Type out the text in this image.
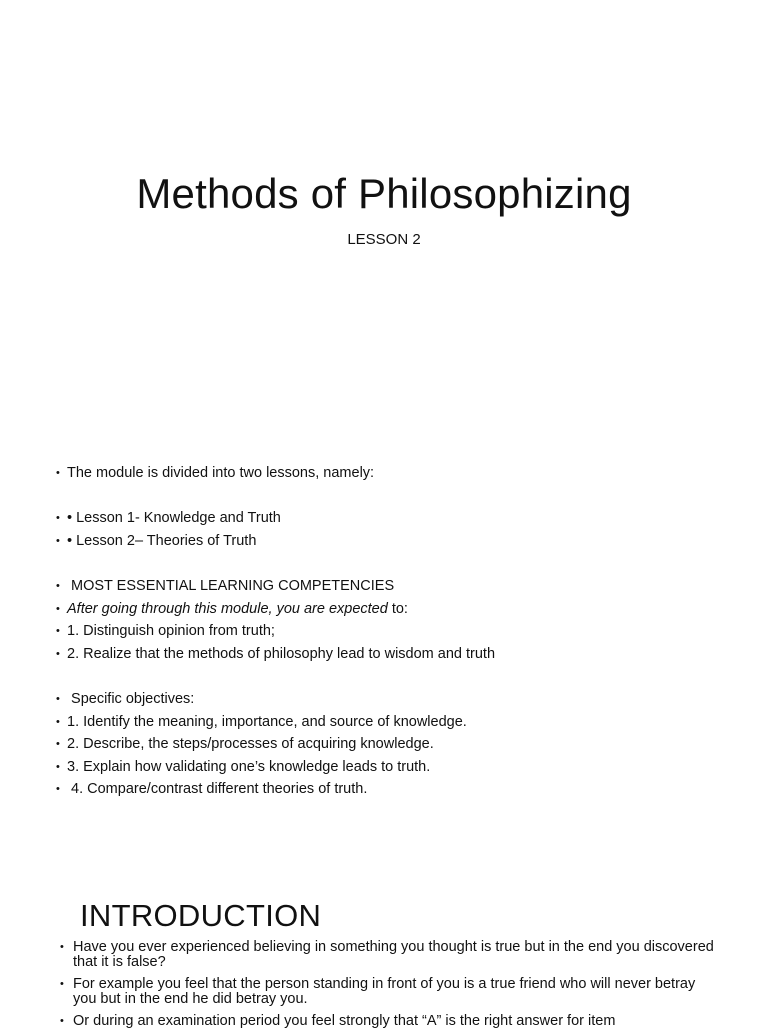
Methods of Philosophizing
LESSON 2
• The module is divided into two lessons, namely:
• • Lesson 1- Knowledge and Truth
• • Lesson 2– Theories of Truth
•  MOST ESSENTIAL LEARNING COMPETENCIES
• After going through this module, you are expected to:
• 1. Distinguish opinion from truth;
• 2. Realize that the methods of philosophy lead to wisdom and truth
•  Specific objectives:
• 1. Identify the meaning, importance, and source of knowledge.
• 2. Describe, the steps/processes of acquiring knowledge.
• 3. Explain how validating one’s knowledge leads to truth.
•  4. Compare/contrast different theories of truth.
INTRODUCTION
• Have you ever experienced believing in something you thought is true but in the end you discovered that it is false?
• For example you feel that the person standing in front of you is a true friend who will never betray you but in the end he did betray you.
• Or during an examination period you feel strongly that “A” is the right answer for item
